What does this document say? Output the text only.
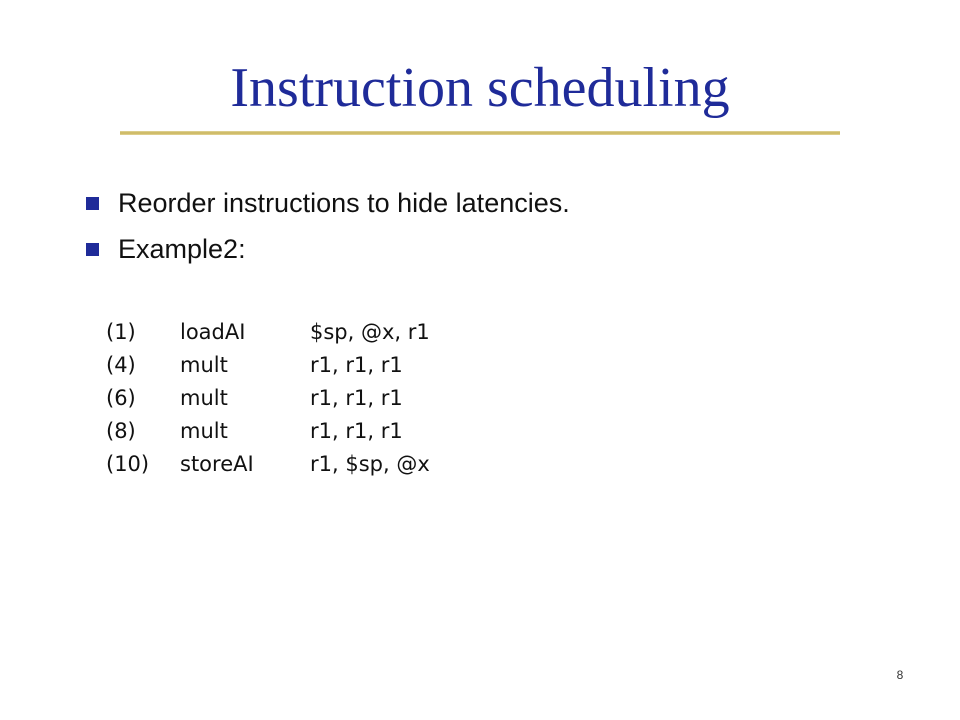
Instruction scheduling
Reorder instructions to hide latencies.
Example2:
(1)	loadAI	$sp, @x, r1
(4)	mult	r1, r1, r1
(6)	mult	r1, r1, r1
(8)	mult	r1, r1, r1
(10)	storeAI	r1, $sp, @x
8
